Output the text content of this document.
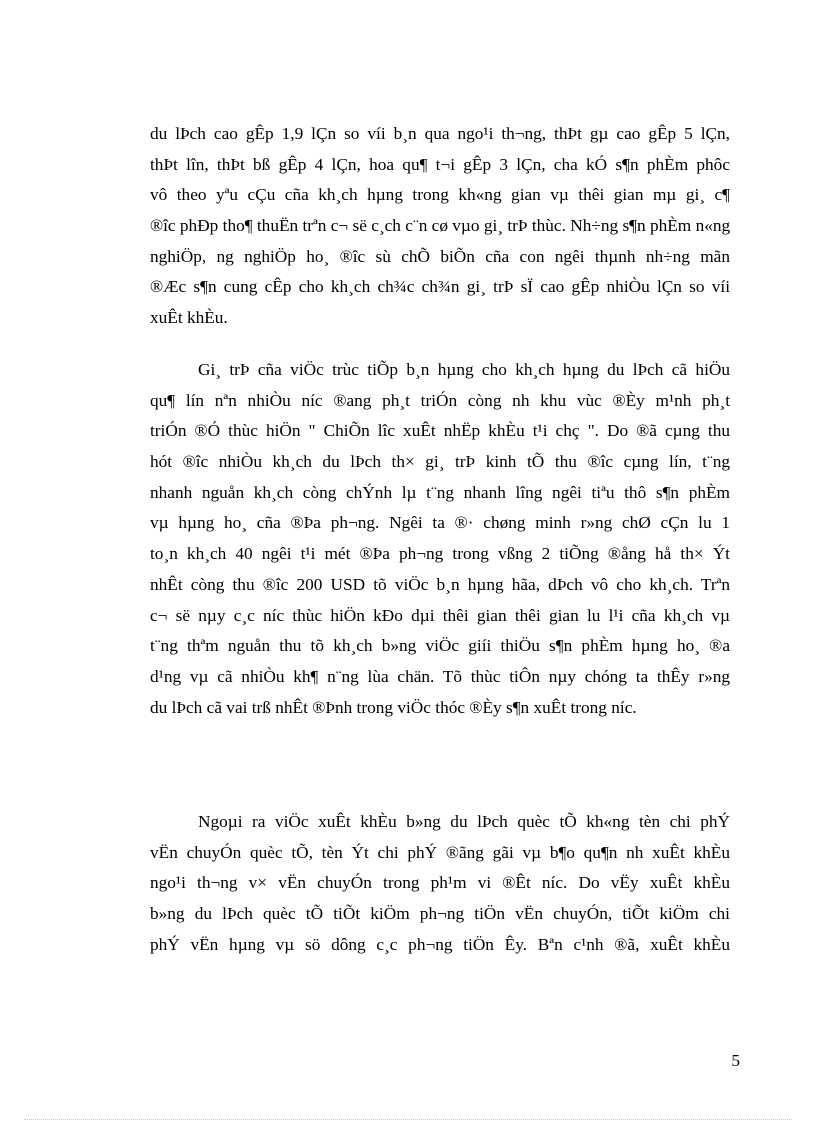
du lÞch cao gÊp 1,9 lÇn so víi b¸n qua ngo¹i th¬ng, thÞt gµ cao gÊp 5 lÇn,
thÞt lîn, thÞt bß gÊp 4 lÇn, hoa qu¶ t¬i gÊp 3 lÇn, cha kÓ s¶n phÈm phôc
vô theo yªu cÇu cña kh¸ch hµng trong kh«ng gian vµ thêi gian mµ gi¸ c¶
®îc phÐp tho¶ thuËn trªn c¬ së c¸ch c¨n cø vµo gi¸ trÞ thùc. Nh÷ng s¶n phÈm n«ng
nghiÖp, ng nghiÖp ho¸ ®îc sù chÕ biÕn cña con ngêi thµnh nh÷ng mãn
®Æc s¶n cung cÊp cho kh¸ch ch¾c ch¾n gi¸ trÞ sÏ cao gÊp nhiÒu lÇn so víi
xuÊt khÈu.
Gi¸ trÞ cña viÖc trùc tiÕp b¸n hµng cho kh¸ch hµng du lÞch cã hiÖu
qu¶ lín nªn nhiÒu níc ®ang ph¸t triÓn còng nh khu vùc ®Èy m¹nh ph¸t
triÓn ®Ó thùc hiÖn " ChiÕn lîc xuÊt nhËp khÈu t¹i chç ". Do ®ã cµng thu
hót ®îc nhiÒu kh¸ch du lÞch th× gi¸ trÞ kinh tÕ thu ®îc cµng lín, t¨ng
nhanh nguån kh¸ch còng chÝnh lµ t¨ng nhanh lîng ngêi tiªu thô s¶n phÈm
vµ hµng ho¸ cña ®Þa ph¬ng. Ngêi ta ®· chøng minh r»ng chØ cÇn lu 1
to¸n kh¸ch 40 ngêi t¹i mét ®Þa ph¬ng trong vßng 2 tiÕng ®ång hå th× Ýt
nhÊt còng thu ®îc 200 USD tõ viÖc b¸n hµng hãa, dÞch vô cho kh¸ch. Trªn
c¬ së nµy c¸c níc thùc hiÖn kÐo dµi thêi gian thêi gian lu l¹i cña kh¸ch vµ
t¨ng thªm nguån thu tõ kh¸ch b»ng viÖc giíi thiÖu s¶n phÈm hµng ho¸ ®a
d¹ng vµ cã nhiÒu kh¶ n¨ng lùa chän. Tõ thùc tiÔn nµy chóng ta thÊy r»ng
du lÞch cã vai trß nhÊt ®Þnh trong viÖc thóc ®Èy s¶n xuÊt trong níc.
Ngoµi ra viÖc xuÊt khÈu b»ng du lÞch quèc tÕ kh«ng tèn chi phÝ
vËn chuyÓn quèc tÕ, tèn Ýt chi phÝ ®ãng gãi vµ b¶o qu¶n nh xuÊt khÈu
ngo¹i th¬ng v× vËn chuyÓn trong ph¹m vi ®Êt níc. Do vËy xuÊt khÈu
b»ng du lÞch quèc tÕ tiÕt kiÖm ph¬ng tiÖn vËn chuyÓn, tiÕt kiÖm chi
phÝ vËn hµng vµ sö dông c¸c ph¬ng tiÖn Êy. Bªn c¹nh ®ã, xuÊt khÈu
5
